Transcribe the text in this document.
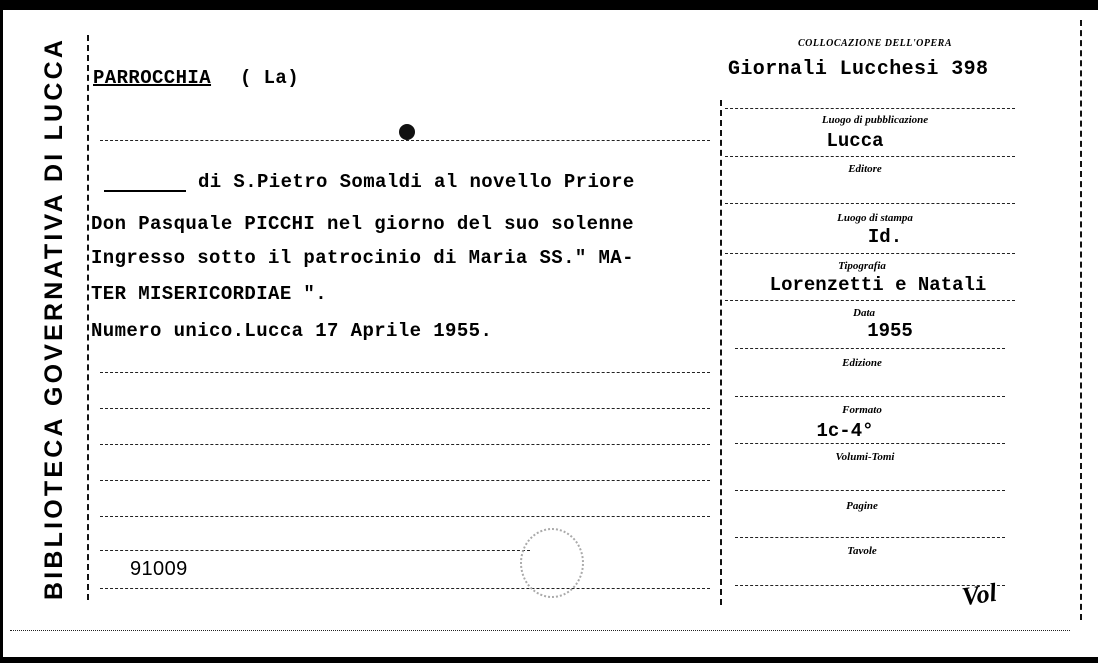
BIBLIOTECA GOVERNATIVA DI LUCCA	COLLOCAZIONE DELL'OPERA
Giornali Lucchesi 398
PARROCCHIA ( La)
di S.Pietro Somaldi al novello Priore
Don Pasquale PICCHI nel giorno del suo solenne
Ingresso sotto il patrocinio di Maria SS." MA-
TER MISERICORDIAE ".
Numero unico.Lucca 17 Aprile 1955.
91009
Luogo di pubblicazione
Lucca
Editore
Luogo di stampa
Id.
Tipografia
Lorenzetti e Natali
Data
1955
Edizione
Formato
1c-4°
Volumi-Tomi
Pagine
Tavole
Vol
